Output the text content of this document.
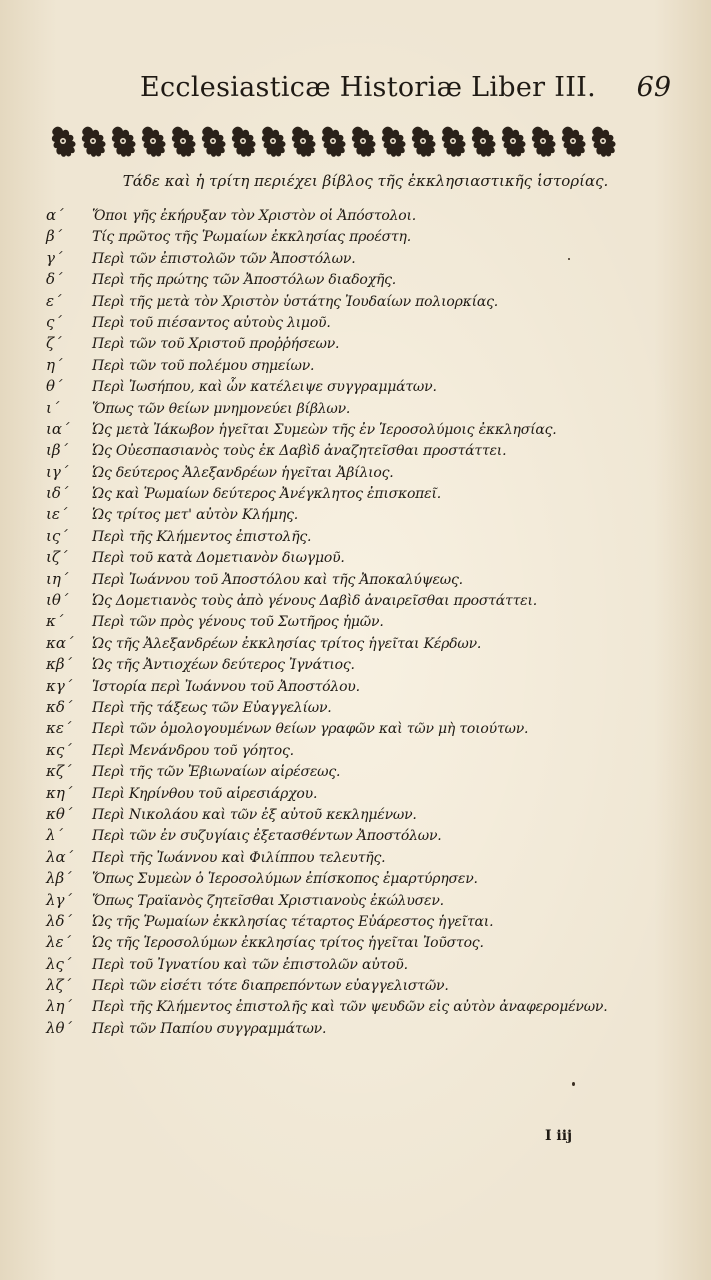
Ecclesiasticæ Historiæ Liber III. 69
Τάδε καὶ ἡ τρίτη περιέχει βίβλος τῆς ἐκκλησιαστικῆς ἱστορίας.
α´ Ὅποι γῆς ἐκήρυξαν τὸν Χριστὸν οἱ Ἀπόστολοι.
β´ Τίς πρῶτος τῆς Ῥωμαίων ἐκκλησίας προέστη.
γ´ Περὶ τῶν ἐπιστολῶν τῶν Ἀποστόλων.
δ´ Περὶ τῆς πρώτης τῶν Ἀποστόλων διαδοχῆς.
ε´ Περὶ τῆς μετὰ τὸν Χριστὸν ὑστάτης Ἰουδαίων πολιορκίας.
ς´ Περὶ τοῦ πιέσαντος αὐτοὺς λιμοῦ.
ζ´ Περὶ τῶν τοῦ Χριστοῦ προῤῥήσεων.
η´ Περὶ τῶν τοῦ πολέμου σημείων.
θ´ Περὶ Ἰωσήπου, καὶ ὧν κατέλειψε συγγραμμάτων.
ι´ Ὅπως τῶν θείων μνημονεύει βίβλων.
ια´ Ὡς μετὰ Ἰάκωβον ἡγεῖται Συμεὼν τῆς ἐν Ἱεροσολύμοις ἐκκλησίας.
ιβ´ Ὡς Οὐεσπασιανὸς τοὺς ἐκ Δαβὶδ ἀναζητεῖσθαι προστάττει.
ιγ´ Ὡς δεύτερος Ἀλεξανδρέων ἡγεῖται Ἀβίλιος.
ιδ´ Ὡς καὶ Ῥωμαίων δεύτερος Ἀνέγκλητος ἐπισκοπεῖ.
ιε´ Ὡς τρίτος μετ' αὐτὸν Κλήμης.
ις´ Περὶ τῆς Κλήμεντος ἐπιστολῆς.
ιζ´ Περὶ τοῦ κατὰ Δομετιανὸν διωγμοῦ.
ιη´ Περὶ Ἰωάννου τοῦ Ἀποστόλου καὶ τῆς Ἀποκαλύψεως.
ιθ´ Ὡς Δομετιανὸς τοὺς ἀπὸ γένους Δαβὶδ ἀναιρεῖσθαι προστάττει.
κ´ Περὶ τῶν πρὸς γένους τοῦ Σωτῆρος ἡμῶν.
κα´ Ὡς τῆς Ἀλεξανδρέων ἐκκλησίας τρίτος ἡγεῖται Κέρδων.
κβ´ Ὡς τῆς Ἀντιοχέων δεύτερος Ἰγνάτιος.
κγ´ Ἱστορία περὶ Ἰωάννου τοῦ Ἀποστόλου.
κδ´ Περὶ τῆς τάξεως τῶν Εὐαγγελίων.
κε´ Περὶ τῶν ὁμολογουμένων θείων γραφῶν καὶ τῶν μὴ τοιούτων.
κς´ Περὶ Μενάνδρου τοῦ γόητος.
κζ´ Περὶ τῆς τῶν Ἐβιωναίων αἱρέσεως.
κη´ Περὶ Κηρίνθου τοῦ αἱρεσιάρχου.
κθ´ Περὶ Νικολάου καὶ τῶν ἐξ αὐτοῦ κεκλημένων.
λ´ Περὶ τῶν ἐν συζυγίαις ἐξετασθέντων Ἀποστόλων.
λα´ Περὶ τῆς Ἰωάννου καὶ Φιλίππου τελευτῆς.
λβ´ Ὅπως Συμεὼν ὁ Ἱεροσολύμων ἐπίσκοπος ἐμαρτύρησεν.
λγ´ Ὅπως Τραϊανὸς ζητεῖσθαι Χριστιανοὺς ἐκώλυσεν.
λδ´ Ὡς τῆς Ῥωμαίων ἐκκλησίας τέταρτος Εὐάρεστος ἡγεῖται.
λε´ Ὡς τῆς Ἱεροσολύμων ἐκκλησίας τρίτος ἡγεῖται Ἰοῦστος.
λς´ Περὶ τοῦ Ἰγνατίου καὶ τῶν ἐπιστολῶν αὐτοῦ.
λζ´ Περὶ τῶν εἰσέτι τότε διαπρεπόντων εὐαγγελιστῶν.
λη´ Περὶ τῆς Κλήμεντος ἐπιστολῆς καὶ τῶν ψευδῶν εἰς αὐτὸν ἀναφερομένων.
λθ´ Περὶ τῶν Παπίου συγγραμμάτων.
I iij
